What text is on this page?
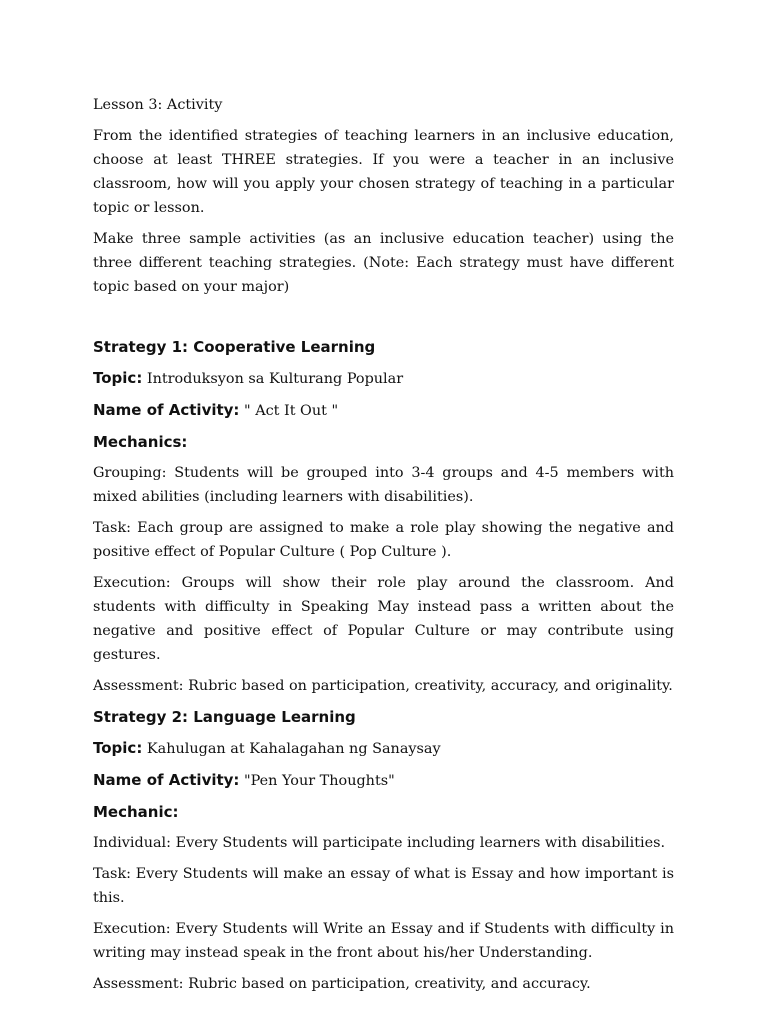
Lesson 3: Activity

From the identified strategies of teaching learners in an inclusive education, choose at least THREE strategies. If you were a teacher in an inclusive classroom, how will you apply your chosen strategy of teaching in a particular topic or lesson.

Make three sample activities (as an inclusive education teacher) using the three different teaching strategies. (Note: Each strategy must have different topic based on your major)

Strategy 1: Cooperative Learning

Topic: Introduksyon sa Kulturang Popular

Name of Activity: " Act It Out "

Mechanics:

Grouping: Students will be grouped into 3-4 groups and 4-5 members with mixed abilities (including learners with disabilities).

Task: Each group are assigned to make a role play showing the negative and positive effect of Popular Culture ( Pop Culture ).

Execution: Groups will show their role play around the classroom. And students with difficulty in Speaking May instead pass a written about the negative and positive effect of Popular Culture or may contribute using gestures.

Assessment: Rubric based on participation, creativity, accuracy, and originality.

Strategy 2: Language Learning

Topic: Kahulugan at Kahalagahan ng Sanaysay

Name of Activity: "Pen Your Thoughts"

Mechanic:

Individual: Every Students will participate including learners with disabilities.

Task: Every Students will make an essay of what is Essay and how important is this.

Execution: Every Students will Write an Essay and if Students with difficulty in writing may instead speak in the front about his/her Understanding.

Assessment: Rubric based on participation, creativity, and accuracy.
